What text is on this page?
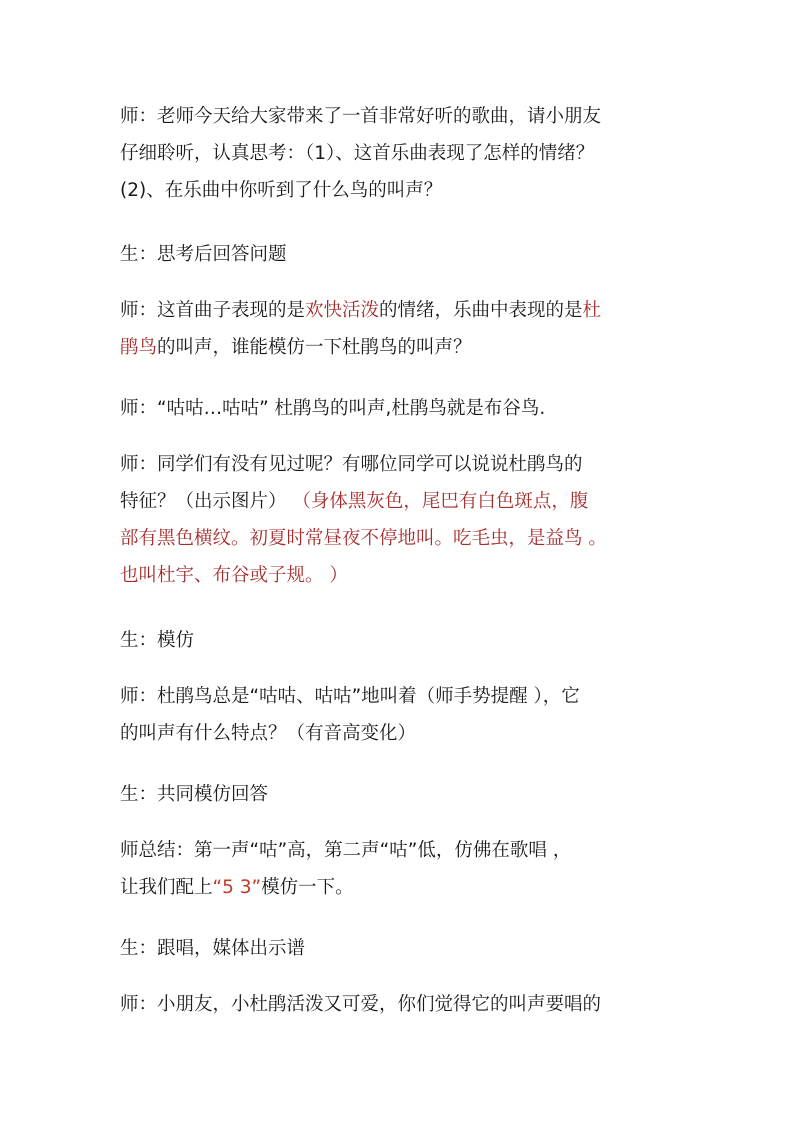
师：老师今天给大家带来了一首非常好听的歌曲，请小朋友
仔细聆听，认真思考：（1）、这首乐曲表现了怎样的情绪？
(2)、在乐曲中你听到了什么鸟的叫声？

生：思考后回答问题

师：这首曲子表现的是欢快活泼的情绪，乐曲中表现的是杜
鹃鸟的叫声，谁能模仿一下杜鹃鸟的叫声？

师：“咕咕…咕咕” 杜鹃鸟的叫声,杜鹃鸟就是布谷鸟.

师：同学们有没有见过呢？有哪位同学可以说说杜鹃鸟的
特征？（出示图片） （身体黑灰色，尾巴有白色斑点，腹
部有黑色横纹。初夏时常昼夜不停地叫。吃毛虫，是益鸟 。
也叫杜宇、布谷或子规。 ）

生：模仿

师：杜鹃鸟总是“咕咕、咕咕”地叫着（师手势提醒 ），它
的叫声有什么特点？（有音高变化）

生：共同模仿回答

师总结：第一声“咕”高，第二声“咕”低，仿佛在歌唱 ，
让我们配上“5 3”模仿一下。

生：跟唱，媒体出示谱

师：小朋友，小杜鹃活泼又可爱，你们觉得它的叫声要唱的
